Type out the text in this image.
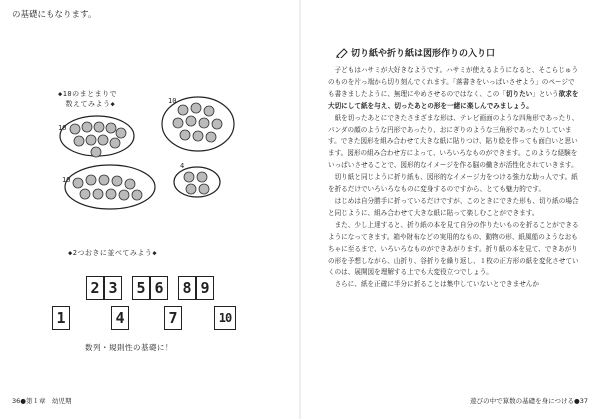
の基礎にもなります。
◆10のまとまりで
　数えてみよう◆
10
10
10
4
◆2つおきに並べてみよう◆
2 3 5 6 8 9
1	4	7	10
数列・規則性の基礎に！
36●第１章　幼児期
切り紙や折り紙は図形作りの入り口

子どもはハサミが大好きなようです。ハサミが使えるようになると、そこらじゅうのものを片っ端から切り刻んでくれます。「落書きをいっぱいさせよう」のページでも書きましたように、無理にやめさせるのではなく、この「切りたい」という欲求を大切にして紙を与え、切ったあとの形を一緒に楽しんでみましょう。

紙を切ったあとにできたさまざまな形は、テレビ画面のような四角形であったり、パンダの顔のような円形であったり、おにぎりのような三角形であったりしています。できた図形を組み合わせて大きな紙に貼りつけ、貼り絵を作っても面白いと思います。図形の組み合わせ方によって、いろいろなものができます。このような経験をいっぱいさせることで、図形的なイメージを作る脳の働きが活性化されていきます。

切り紙と同じように折り紙も、図形的なイメージ力をつける強力な助っ人です。紙を折るだけでいろいろなものに変身するのですから、とても魅力的です。

はじめは自分勝手に折っているだけですが、このときにできた形も、切り紙の場合と同じように、組み合わせて大きな紙に貼って楽しむことができます。

また、少し上達すると、折り紙の本を見て自分の作りたいものを折ることができるようになってきます。箱や財布などの実用的なもの、動物の形、紙風船のようなおもちゃに至るまで、いろいろなものができあがります。折り紙の本を見て、できあがりの形を予想しながら、山折り、谷折りを繰り返し、１枚の正方形の紙を変化させていくのは、展開図を理解する上でも大変役立つでしょう。

さらに、紙を正確に半分に折ることは集中していないとできませんか

遊びの中で算数の基礎を身につける●37
